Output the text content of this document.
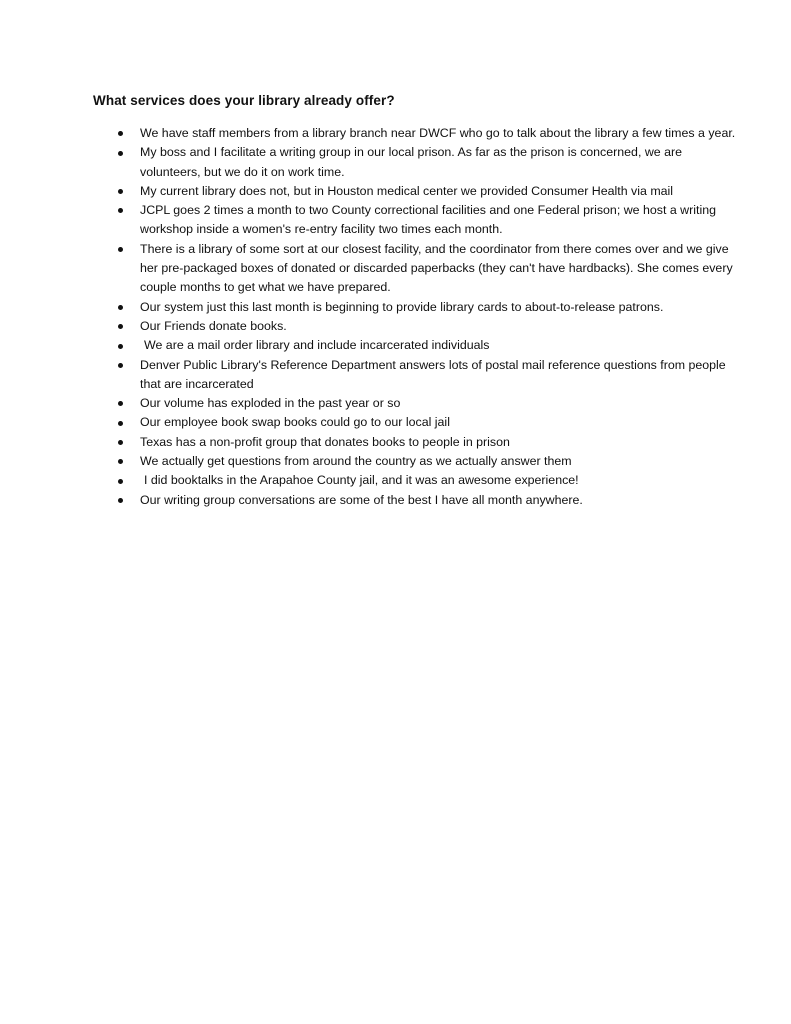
What services does your library already offer?
We have staff members from a library branch near DWCF who go to talk about the library a few times a year.
My boss and I facilitate a writing group in our local prison. As far as the prison is concerned, we are volunteers, but we do it on work time.
My current library does not, but in Houston medical center we provided Consumer Health via mail
JCPL goes 2 times a month to two County correctional facilities and one Federal prison; we host a writing workshop inside a women's re-entry facility two times each month.
There is a library of some sort at our closest facility, and the coordinator from there comes over and we give her pre-packaged boxes of donated or discarded paperbacks (they can't have hardbacks). She comes every couple months to get what we have prepared.
Our system just this last month is beginning to provide library cards to about-to-release patrons.
Our Friends donate books.
We are a mail order library and include incarcerated individuals
Denver Public Library's Reference Department answers lots of postal mail reference questions from people that are incarcerated
Our volume has exploded in the past year or so
Our employee book swap books could go to our local jail
Texas has a non-profit group that donates books to people in prison
We actually get questions from around the country as we actually answer them
I did booktalks in the Arapahoe County jail, and it was an awesome experience!
Our writing group conversations are some of the best I have all month anywhere.
